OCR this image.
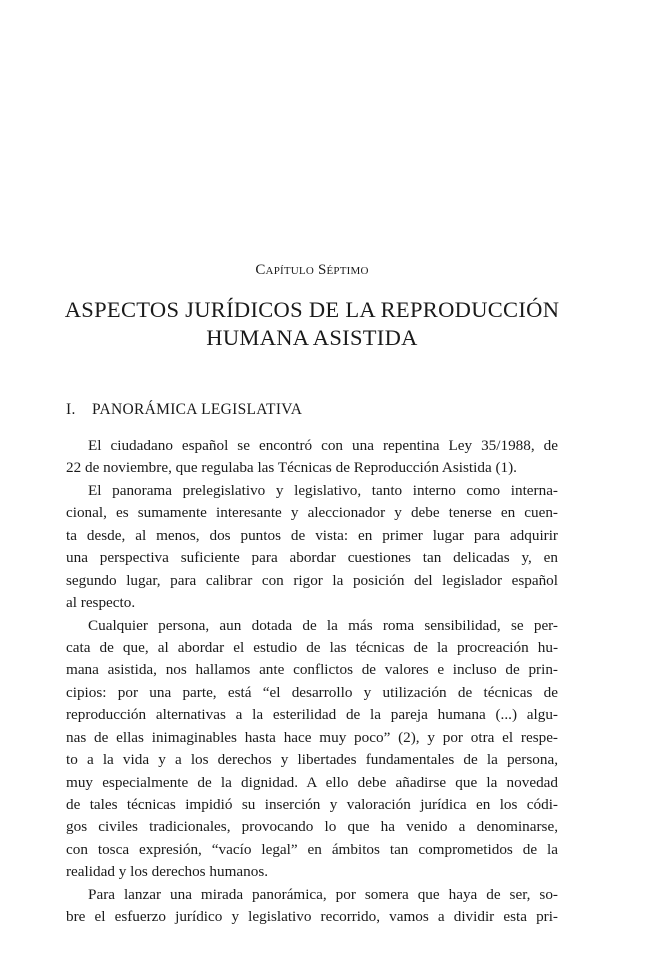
Capítulo Séptimo
ASPECTOS JURÍDICOS DE LA REPRODUCCIÓN
HUMANA ASISTIDA
I. PANORÁMICA LEGISLATIVA
El ciudadano español se encontró con una repentina Ley 35/1988, de
22 de noviembre, que regulaba las Técnicas de Reproducción Asistida (1).
El panorama prelegislativo y legislativo, tanto interno como interna-
cional, es sumamente interesante y aleccionador y debe tenerse en cuen-
ta desde, al menos, dos puntos de vista: en primer lugar para adquirir
una perspectiva suficiente para abordar cuestiones tan delicadas y, en
segundo lugar, para calibrar con rigor la posición del legislador español
al respecto.
Cualquier persona, aun dotada de la más roma sensibilidad, se per-
cata de que, al abordar el estudio de las técnicas de la procreación hu-
mana asistida, nos hallamos ante conflictos de valores e incluso de prin-
cipios: por una parte, está “el desarrollo y utilización de técnicas de
reproducción alternativas a la esterilidad de la pareja humana (...) algu-
nas de ellas inimaginables hasta hace muy poco” (2), y por otra el respe-
to a la vida y a los derechos y libertades fundamentales de la persona,
muy especialmente de la dignidad. A ello debe añadirse que la novedad
de tales técnicas impidió su inserción y valoración jurídica en los códi-
gos civiles tradicionales, provocando lo que ha venido a denominarse,
con tosca expresión, “vacío legal” en ámbitos tan comprometidos de la
realidad y los derechos humanos.
Para lanzar una mirada panorámica, por somera que haya de ser, so-
bre el esfuerzo jurídico y legislativo recorrido, vamos a dividir esta pri-
